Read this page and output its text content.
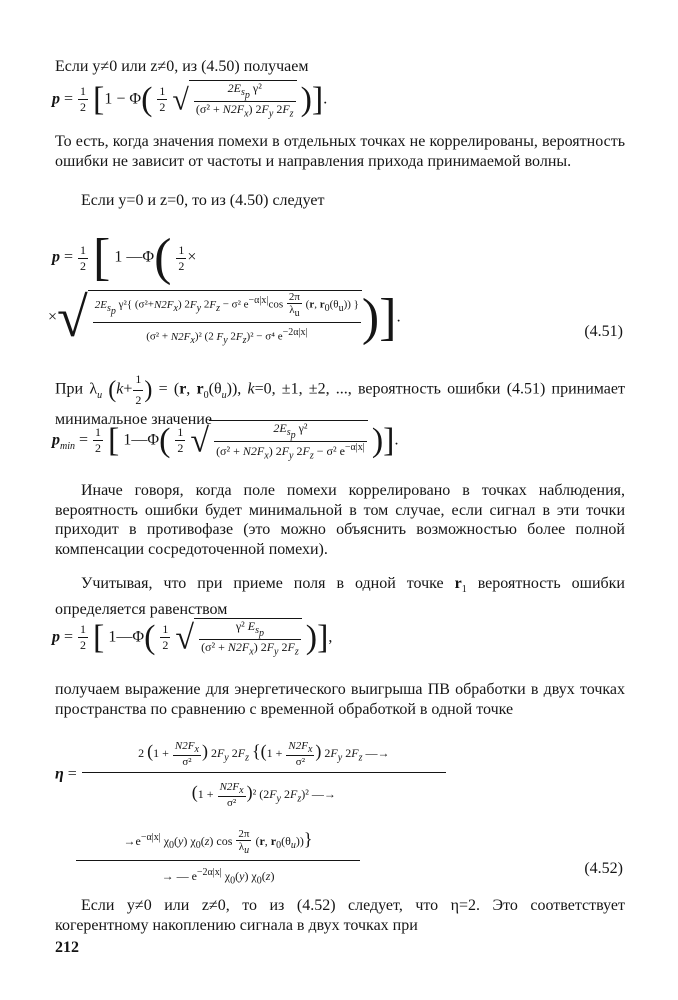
Если y≠0 или z≠0, из (4.50) получаем
$p = \frac{1}{2} [1 - \Phi( \frac{1}{2}$ √ $\frac{2E_{s_p} \gamma^2}{(\sigma^2 + N2F_x) 2F_y 2F_z}$ )].
То есть, когда значения помехи в отдельных точках не коррелированы, вероятность ошибки не зависит от частоты и направления прихода принимаемой волны.
Если y=0 и z=0, то из (4.50) следует
$p = \frac{1}{2}$ [ 1 —Φ( $\frac{1}{2}$ ×
×√ $\frac{2E_{s_p} \gamma^2\{ (\sigma^2+N2F_x) 2F_y 2F_z - \sigma^2 e^{-\alpha|x|}\cos \frac{2\pi}{\lambda_u} (r, r_0(\theta_u)) \}}{(\sigma^2 + N2F_x)^2 (2 F_y 2F_z)^2 - \sigma^4 e^{-2\alpha|x|}}$ )].
(4.51)
При $\lambda_u$ ($k+ \frac{1}{2}$ ) = (r, $r_0(\theta_u)$), k=0, ±1, ±2, ..., вероятность ошибки (4.51) принимает минимальное значение
$p_{min} = \frac{1}{2}$ [ 1—Φ( $\frac{1}{2}$ √ $\frac{2E_{s_p} \gamma^2}{(\sigma^2 + N2F_x) 2F_y 2F_z - \sigma^2 e^{-\alpha|x|}}$ )].
Иначе говоря, когда поле помехи коррелировано в точках наблюдения, вероятность ошибки будет минимальной в том случае, если сигнал в эти точки приходит в противофазе (это можно объяснить возможностью более полной компенсации сосредоточенной помехи).
Учитывая, что при приеме поля в одной точке $r_1$ вероятность ошибки определяется равенством
$p = \frac{1}{2}$ [ 1—Φ( $\frac{1}{2}$ √ $\frac{\gamma^2 E_{s_p}}{(\sigma^2 + N2F_x) 2F_y 2F_z}$ )],
получаем выражение для энергетического выигрыша ПВ обработки в двух точках пространства по сравнению с временной обработкой в одной точке
$\eta = \frac{2 (1 + \frac{N2F_x}{\text{σ²}} ) 2F_y 2F_z \{(1 + \frac{N2F_x}{\text{σ²}} ) 2F_y 2F_z —\to}{(1 + \frac{N2F_x}{\text{σ²}} )^2 (2F_y 2F_z)^2 —\to}$
$\frac{\to e^{-\alpha|x|} \chi_0(y) \chi_0(z) \cos \frac{2\pi}{\lambda_u} (r, r_0(\theta_u))\}}{\to — e^{-2\alpha|x|} \chi_0(y) \chi_0(z)}$	(4.52)
Если y≠0 или z≠0, то из (4.52) следует, что η=2. Это соответствует когерентному накоплению сигнала в двух точках при
212
